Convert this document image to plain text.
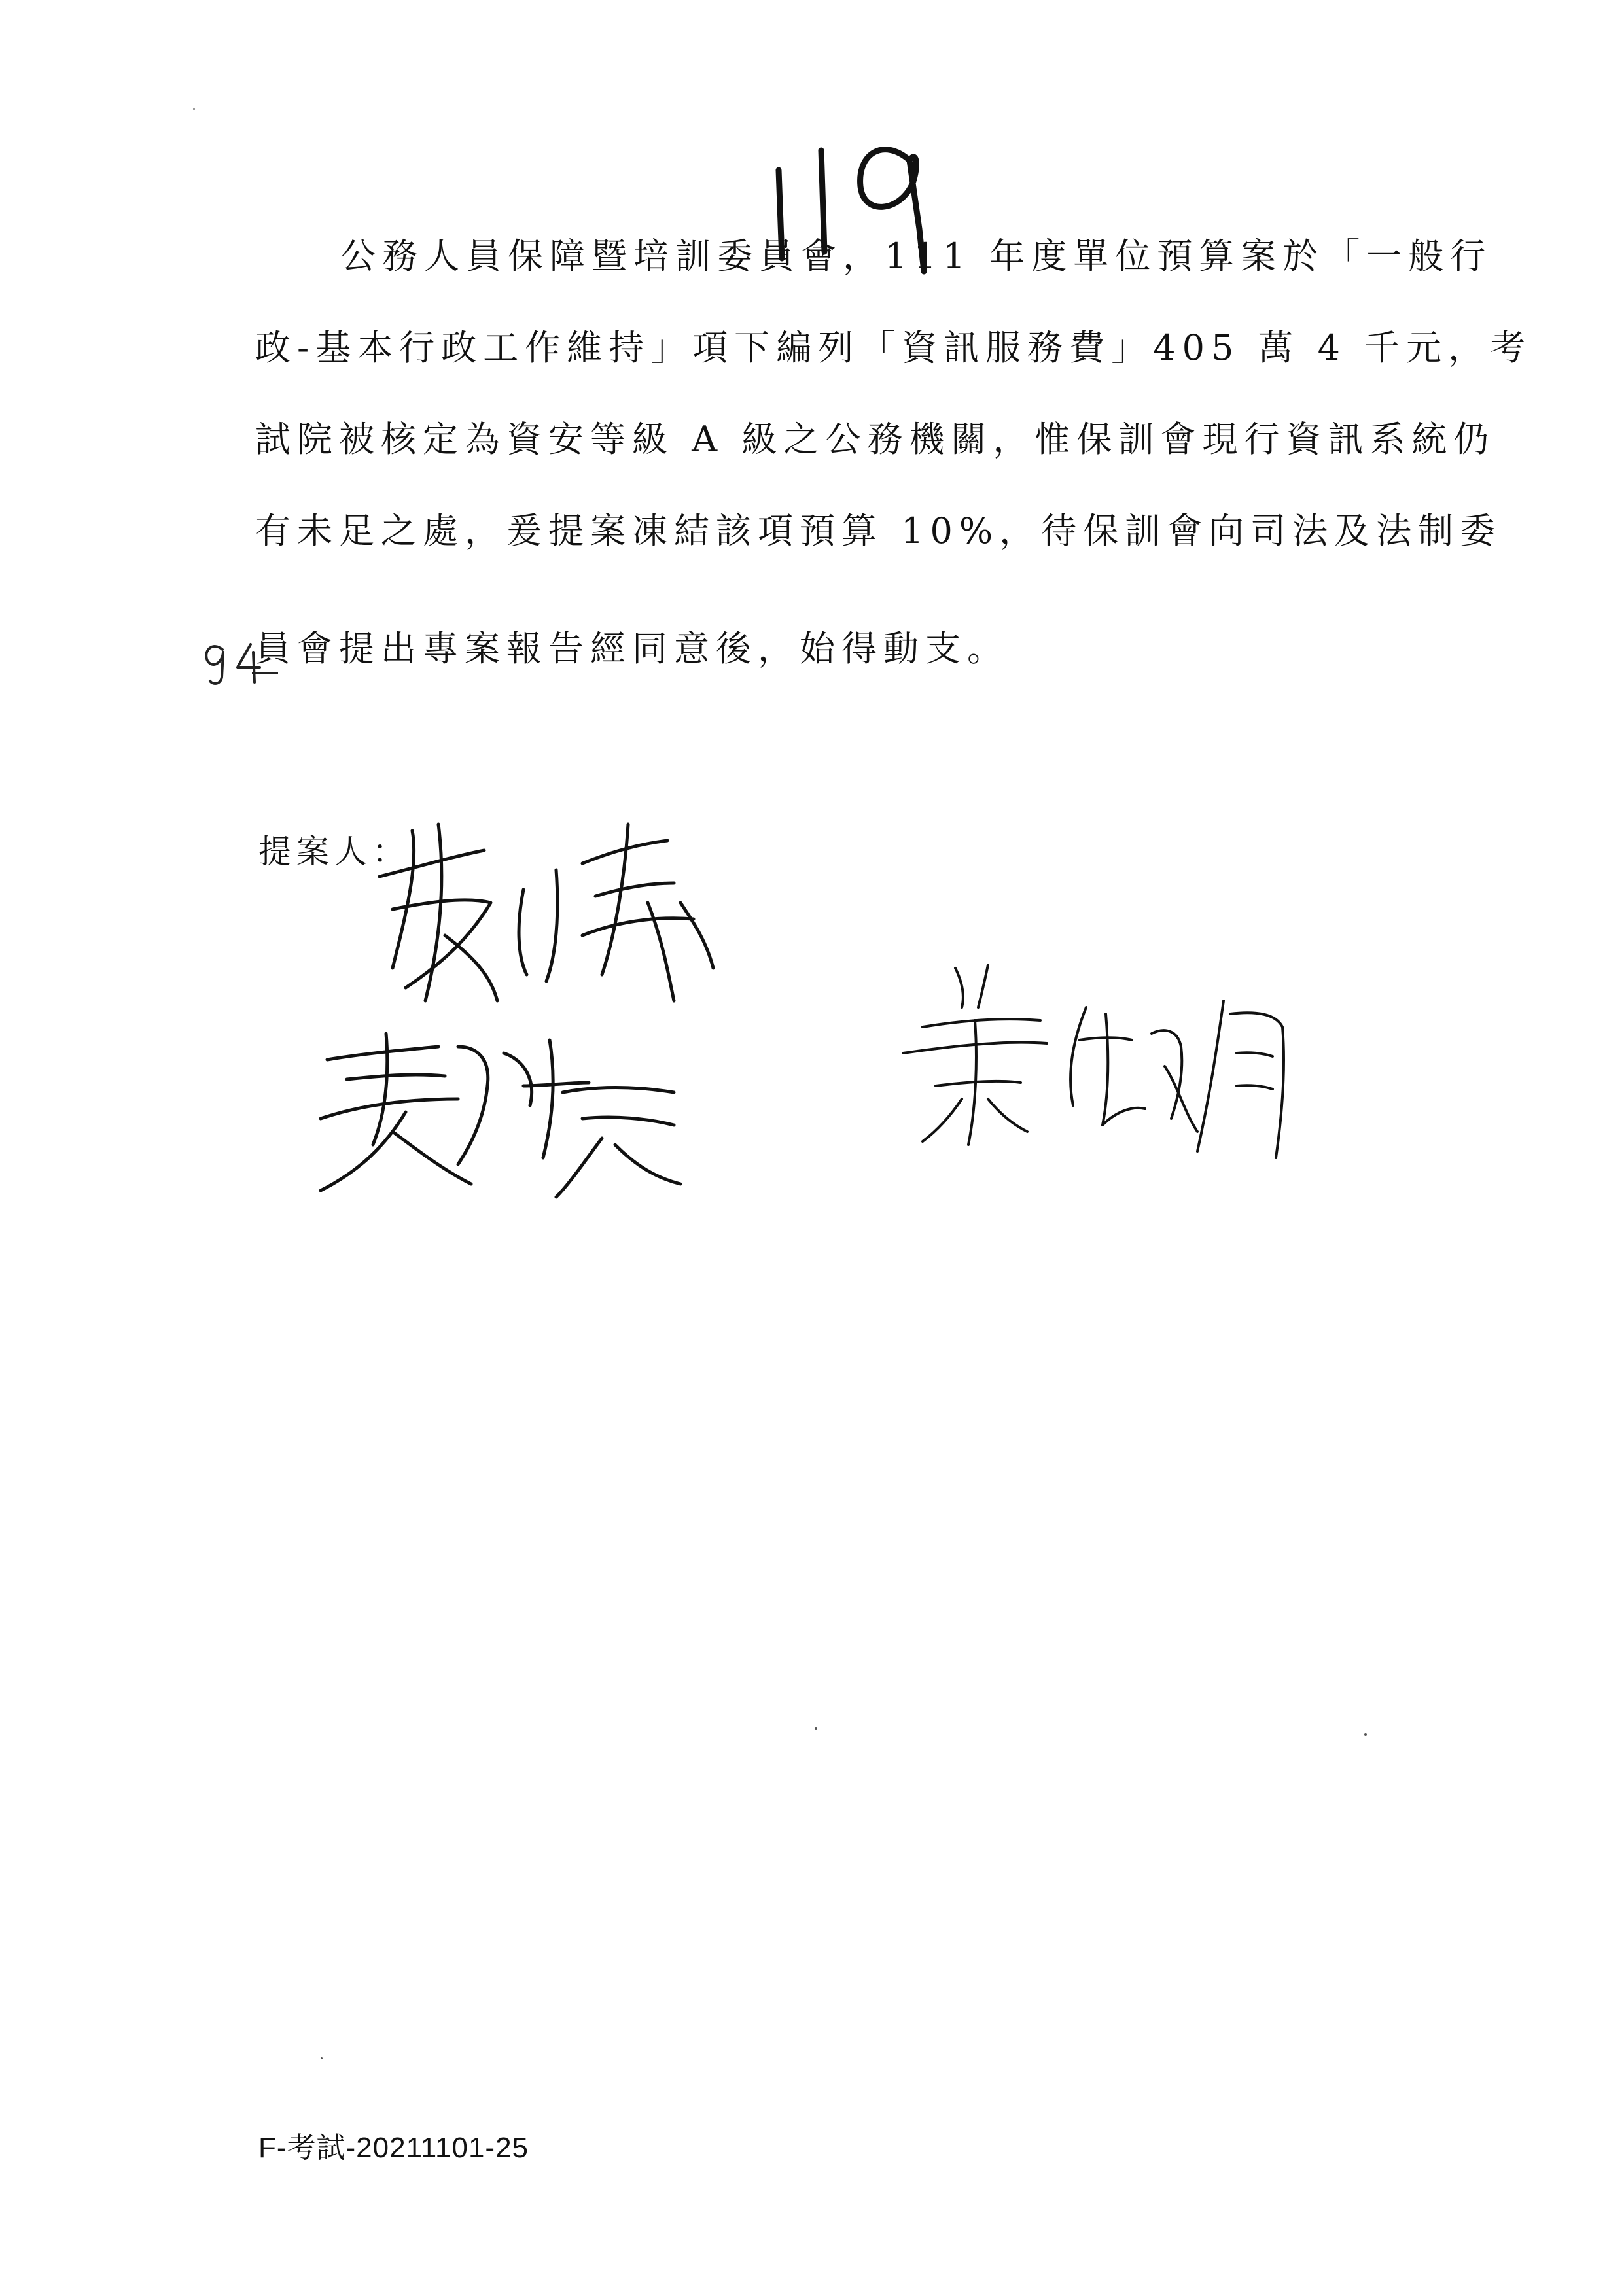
公務人員保障暨培訓委員會，111 年度單位預算案於「一般行
政-基本行政工作維持」項下編列「資訊服務費」405 萬 4 千元，考
試院被核定為資安等級 A 級之公務機關，惟保訓會現行資訊系統仍
有未足之處，爰提案凍結該項預算 10%，待保訓會向司法及法制委
員會提出專案報告經同意後，始得動支。
提案人：
F-考試-20211101-25
